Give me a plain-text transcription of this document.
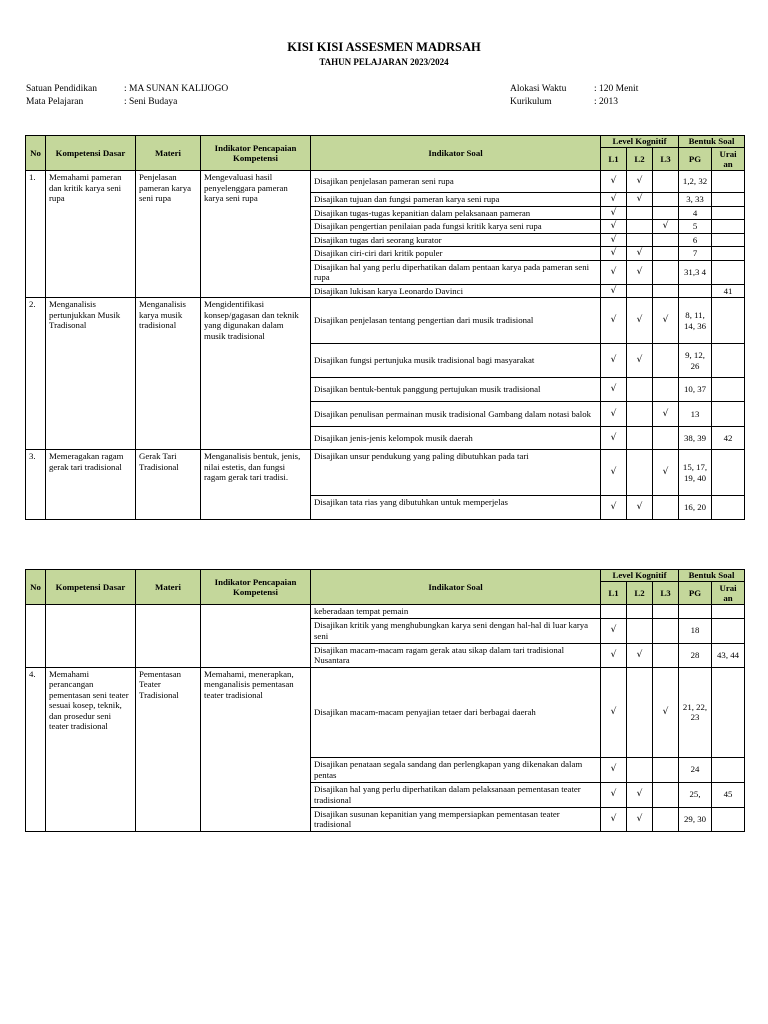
KISI KISI ASSESMEN MADRSAH
TAHUN PELAJARAN 2023/2024
Satuan Pendidikan	: MA SUNAN KALIJOGO
Mata Pelajaran	: Seni Budaya
Alokasi Waktu	: 120 Menit
Kurikulum	: 2013
No	Kompetensi Dasar	Materi	Indikator Pencapaian Kompetensi	Indikator Soal	Level Kognitif			Bentuk Soal	
					L1	L2	L3	PG	Urai an
1.	Memahami pameran dan kritik karya seni rupa	Penjelasan pameran karya seni rupa	Mengevaluasi hasil penyelenggara pameran karya seni rupa	Disajikan penjelasan pameran seni rupa	√	√		1,2, 32	
				Disajikan tujuan dan fungsi pameran karya seni rupa	√	√		3, 33	
				Disajikan tugas-tugas kepanitian dalam pelaksanaan pameran	√			4	
				Disajikan pengertian penilaian pada fungsi kritik karya seni rupa	√		√	5	
				Disajikan tugas dari seorang kurator	√			6	
				Disajikan ciri-ciri dari kritik populer	√	√		7	
				Disajikan hal yang perlu diperhatikan dalam pentaan karya pada pameran seni rupa	√	√		31,3 4	
				Disajikan lukisan karya Leonardo Davinci	√				41
2.	Menganalisis pertunjukkan Musik Tradisonal	Menganalisis karya musik tradisional	Mengidentifikasi konsep/gagasan dan teknik yang digunakan dalam musik tradisional	Disajikan penjelasan tentang pengertian dari musik tradisional	√	√	√	8, 11, 14, 36	
				Disajikan fungsi pertunjuka musik tradisional bagi masyarakat	√	√		9, 12, 26	
				Disajikan bentuk-bentuk panggung pertujukan musik tradisional	√			10, 37	
				Disajikan penulisan permainan musik tradisional Gambang dalam notasi balok	√		√	13	
				Disajikan jenis-jenis kelompok musik daerah	√			38, 39	42
3.	Memeragakan ragam gerak tari tradisional	Gerak Tari Tradisional	Menganalisis bentuk, jenis, nilai estetis, dan fungsi ragam gerak tari tradisi.	Disajikan unsur pendukung yang paling dibutuhkan pada tari	√		√	15, 17, 19, 40	
				Disajikan tata rias yang dibutuhkan untuk memperjelas	√	√		16, 20	
No	Kompetensi Dasar	Materi	Indikator Pencapaian Kompetensi	Indikator Soal	Level Kognitif			Bentuk Soal	
					L1	L2	L3	PG	Urai an
				keberadaan tempat pemain					
				Disajikan kritik yang menghubungkan karya seni dengan hal-hal di luar karya seni	√			18	
				Disajikan macam-macam ragam gerak atau sikap dalam tari tradisional Nusantara	√	√		28	43, 44
4.	Memahami perancangan pementasan seni teater sesuai kosep, teknik, dan prosedur seni teater tradisional	Pementasan Teater Tradisional	Memahami, menerapkan, menganalisis pementasan teater tradisional	Disajikan macam-macam penyajian tetaer dari berbagai daerah	√		√	21, 22, 23	
				Disajikan penataan segala sandang dan perlengkapan yang dikenakan dalam pentas	√			24	
				Disajikan hal yang perlu diperhatikan dalam pelaksanaan pementasan teater tradisional	√	√		25,	45
				Disajikan susunan kepanitian yang mempersiapkan pementasan teater tradisional	√	√		29, 30	
